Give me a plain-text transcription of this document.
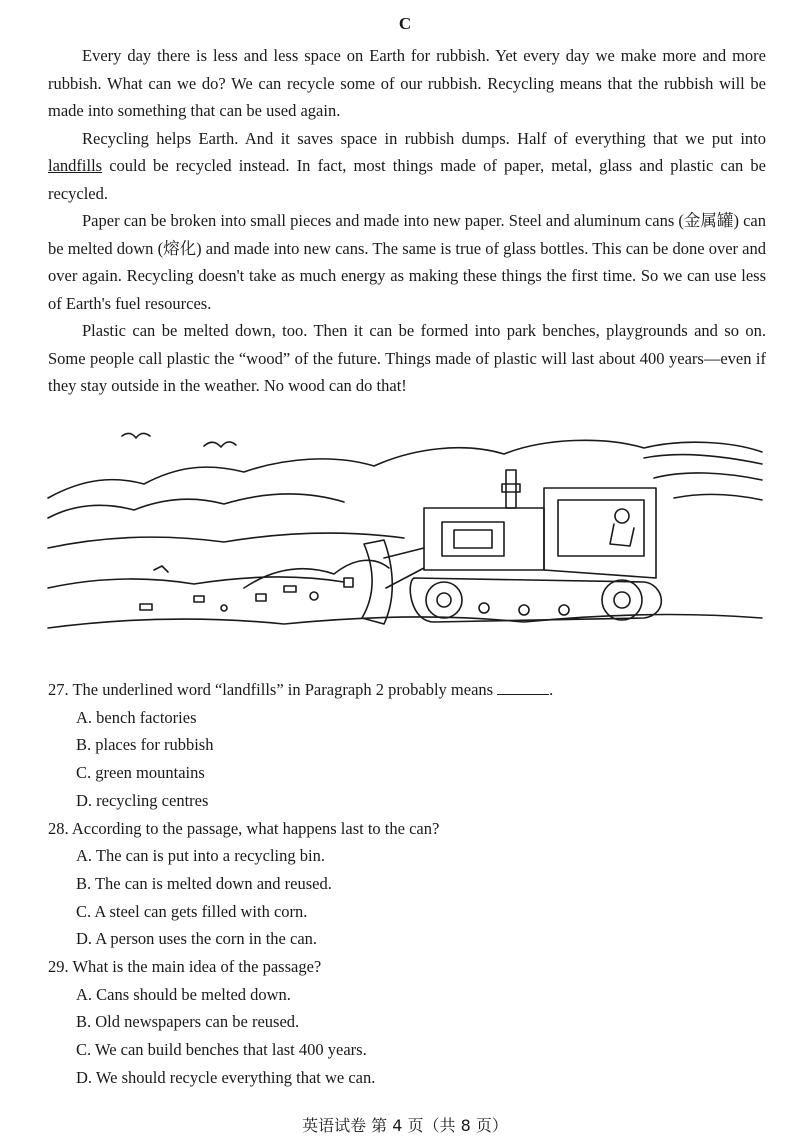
C

Every day there is less and less space on Earth for rubbish. Yet every day we make more and more rubbish. What can we do? We can recycle some of our rubbish. Recycling means that the rubbish will be made into something that can be used again.

Recycling helps Earth. And it saves space in rubbish dumps. Half of everything that we put into landfills could be recycled instead. In fact, most things made of paper, metal, glass and plastic can be recycled.

Paper can be broken into small pieces and made into new paper. Steel and aluminum cans (金属罐) can be melted down (熔化) and made into new cans. The same is true of glass bottles. This can be done over and over again. Recycling doesn't take as much energy as making these things the first time. So we can use less of Earth's fuel resources.

Plastic can be melted down, too. Then it can be formed into park benches, playgrounds and so on. Some people call plastic the “wood” of the future. Things made of plastic will last about 400 years—even if they stay outside in the weather. No wood can do that!

27. The underlined word “landfills” in Paragraph 2 probably means	.
A. bench factories
B. places for rubbish
C. green mountains
D. recycling centres
28. According to the passage, what happens last to the can?
A. The can is put into a recycling bin.
B. The can is melted down and reused.
C. A steel can gets filled with corn.
D. A person uses the corn in the can.
29. What is the main idea of the passage?
A. Cans should be melted down.
B. Old newspapers can be reused.
C. We can build benches that last 400 years.
D. We should recycle everything that we can.
英语试卷 第 4 页（共 8 页）
